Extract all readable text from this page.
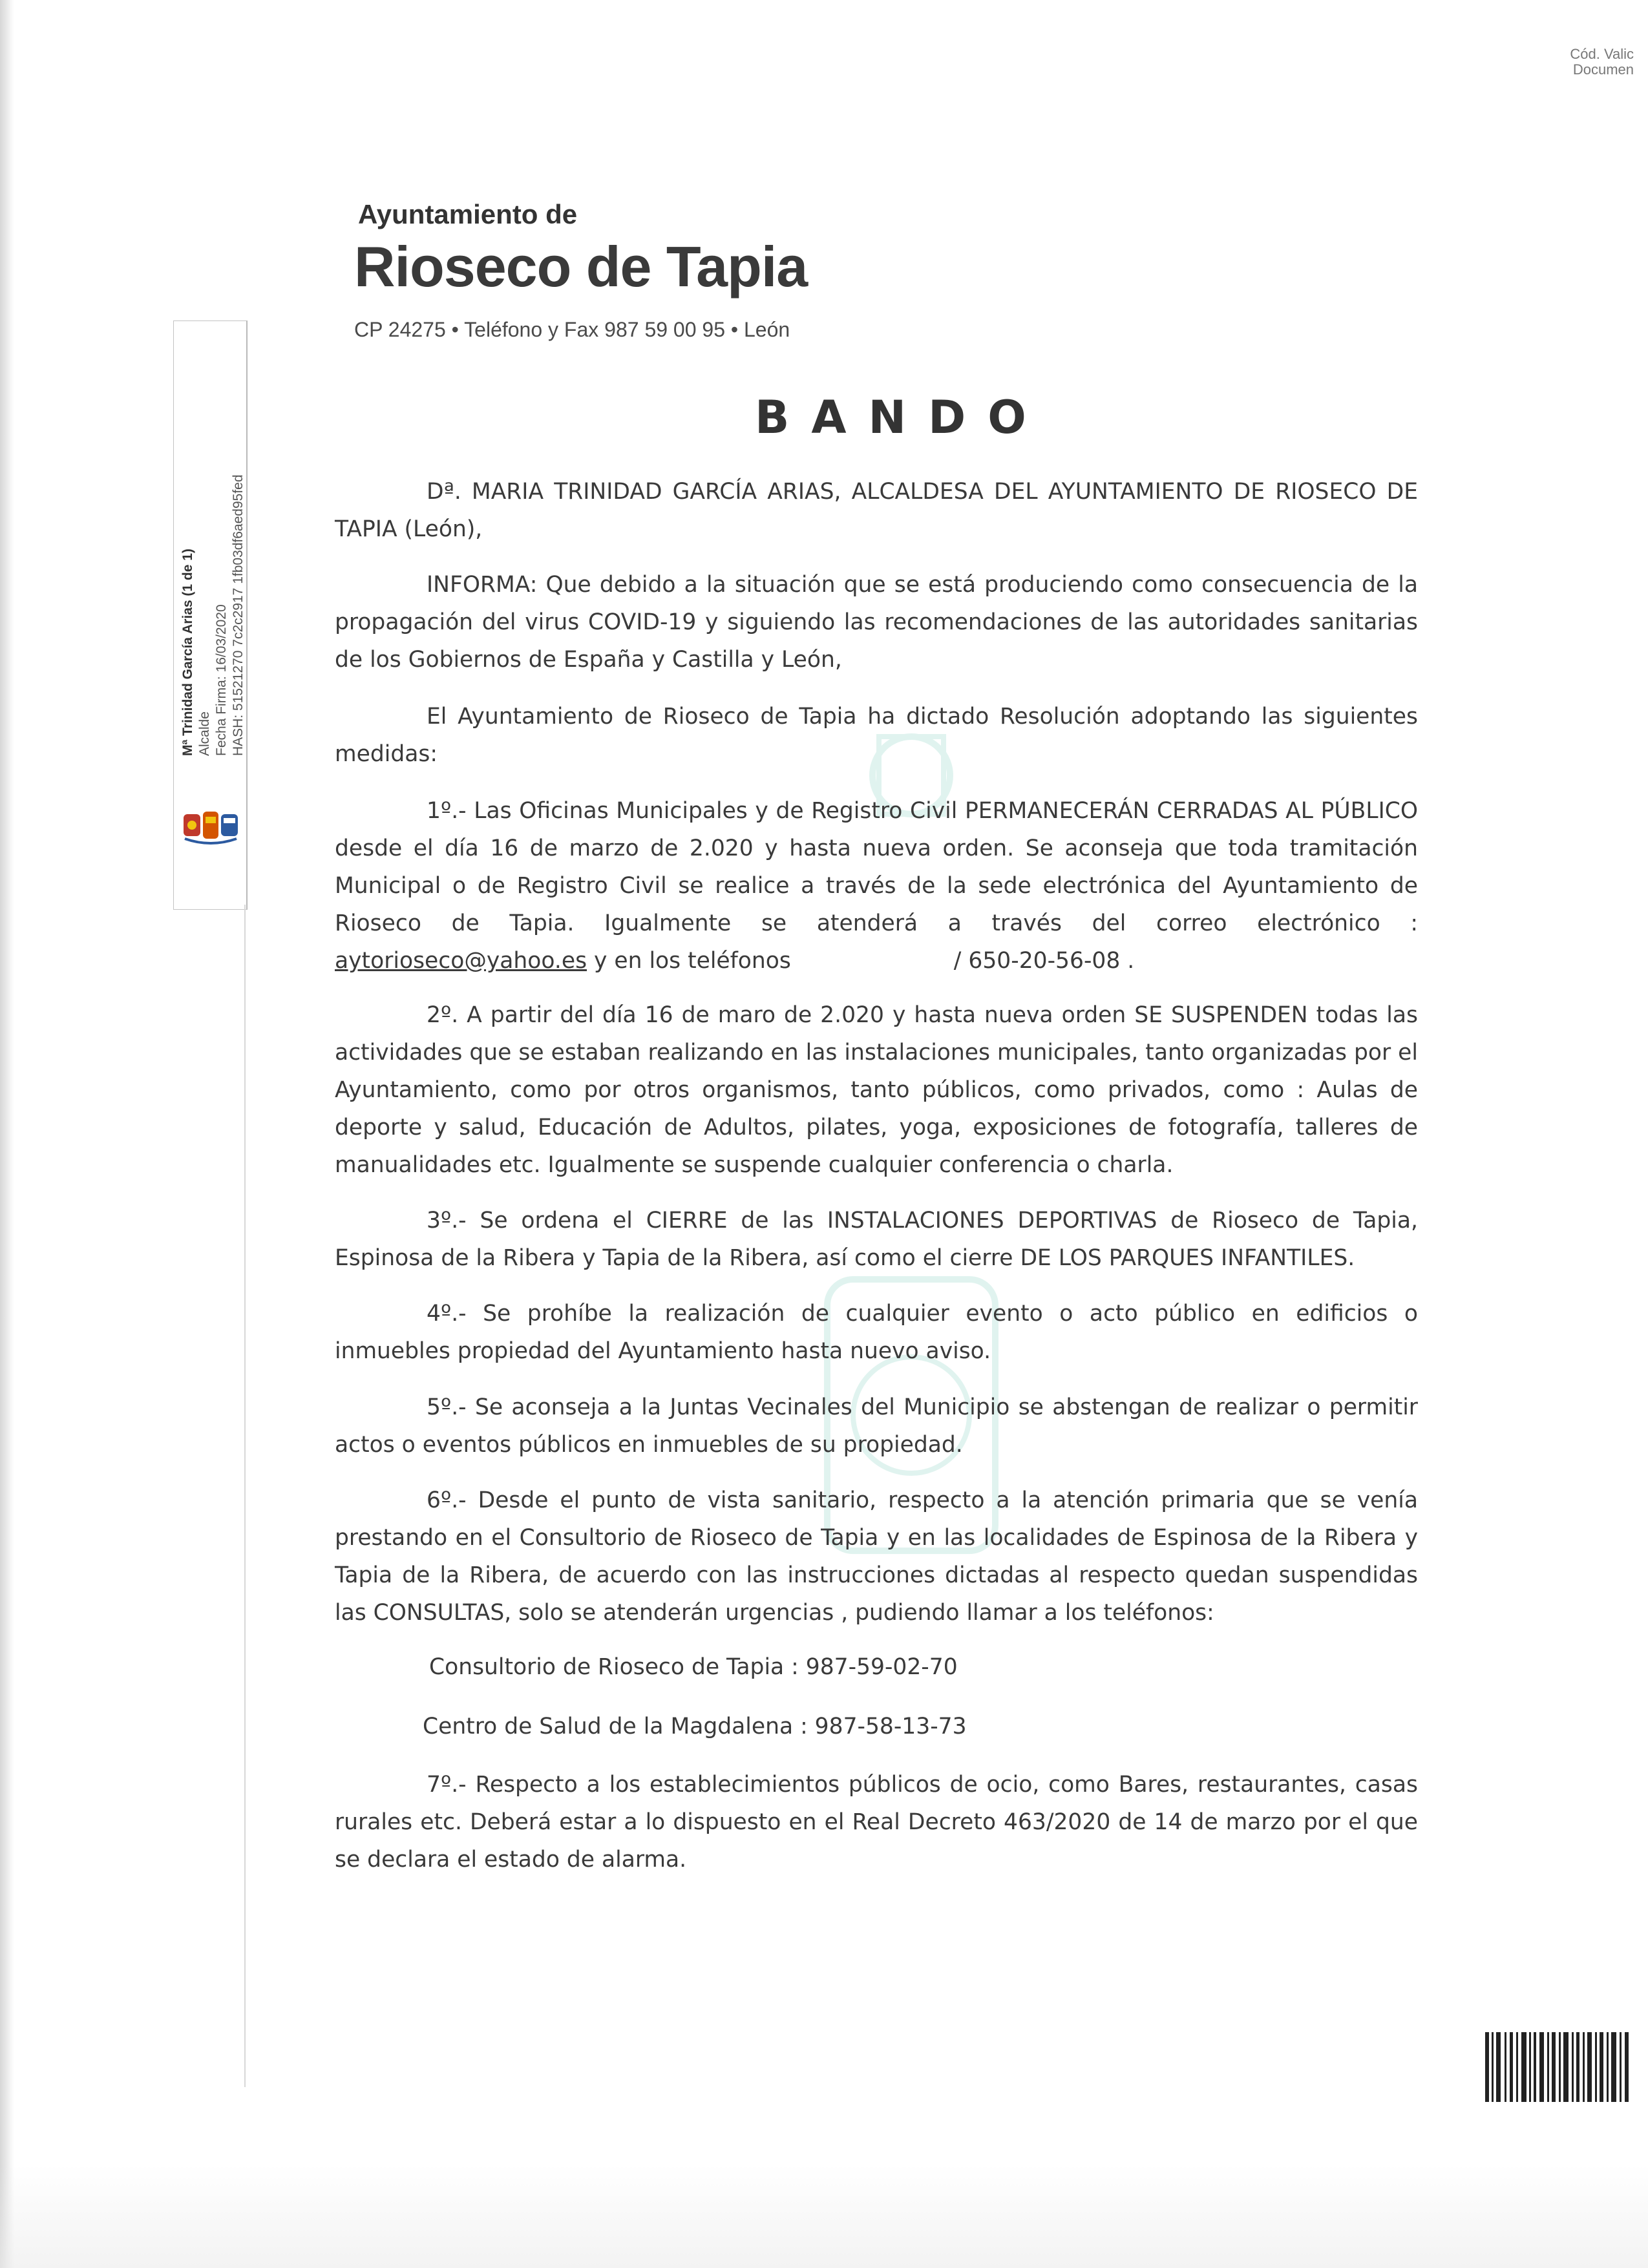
Cód. Valic
Documen
Mª Trinidad García Arias (1 de 1) Alcalde Fecha Firma: 16/03/2020 HASH: 51521270 7c2c2917 1fb03df6aed95fed
Ayuntamiento de
Rioseco de Tapia
CP 24275 • Teléfono y Fax 987 59 00 95 • León
BANDO

Dª. MARIA TRINIDAD GARCÍA ARIAS, ALCALDESA DEL AYUNTAMIENTO DE RIOSECO DE TAPIA (León),

INFORMA: Que debido a la situación que se está produciendo como consecuencia de la propagación del virus COVID-19 y siguiendo las recomendaciones de las autoridades sanitarias de los Gobiernos de España y Castilla y León,

El Ayuntamiento de Rioseco de Tapia ha dictado Resolución adoptando las siguientes medidas:

1º.- Las Oficinas Municipales y de Registro Civil PERMANECERÁN CERRADAS AL PÚBLICO desde el día 16 de marzo de 2.020 y hasta nueva orden. Se aconseja que toda tramitación Municipal o de Registro Civil se realice a través de la sede electrónica del Ayuntamiento de Rioseco de Tapia. Igualmente se atenderá a través del correo electrónico : aytorioseco@yahoo.es y en los teléfonos	/ 650-20-56-08 .

2º. A partir del día 16 de maro de 2.020 y hasta nueva orden SE SUSPENDEN todas las actividades que se estaban realizando en las instalaciones municipales, tanto organizadas por el Ayuntamiento, como por otros organismos, tanto públicos, como privados, como : Aulas de deporte y salud, Educación de Adultos, pilates, yoga, exposiciones de fotografía, talleres de manualidades etc. Igualmente se suspende cualquier conferencia o charla.

3º.- Se ordena el CIERRE de las INSTALACIONES DEPORTIVAS de Rioseco de Tapia, Espinosa de la Ribera y Tapia de la Ribera, así como el cierre DE LOS PARQUES INFANTILES.

4º.- Se prohíbe la realización de cualquier evento o acto público en edificios o inmuebles propiedad del Ayuntamiento hasta nuevo aviso.

5º.- Se aconseja a la Juntas Vecinales del Municipio se abstengan de realizar o permitir actos o eventos públicos en inmuebles de su propiedad.

6º.- Desde el punto de vista sanitario, respecto a la atención primaria que se venía prestando en el Consultorio de Rioseco de Tapia y en las localidades de Espinosa de la Ribera y Tapia de la Ribera, de acuerdo con las instrucciones dictadas al respecto quedan suspendidas las CONSULTAS, solo se atenderán urgencias , pudiendo llamar a los teléfonos:

Consultorio de Rioseco de Tapia : 987-59-02-70
Centro de Salud de la Magdalena : 987-58-13-73

7º.- Respecto a los establecimientos públicos de ocio, como Bares, restaurantes, casas rurales etc. Deberá estar a lo dispuesto en el Real Decreto 463/2020 de 14 de marzo por el que se declara el estado de alarma.
